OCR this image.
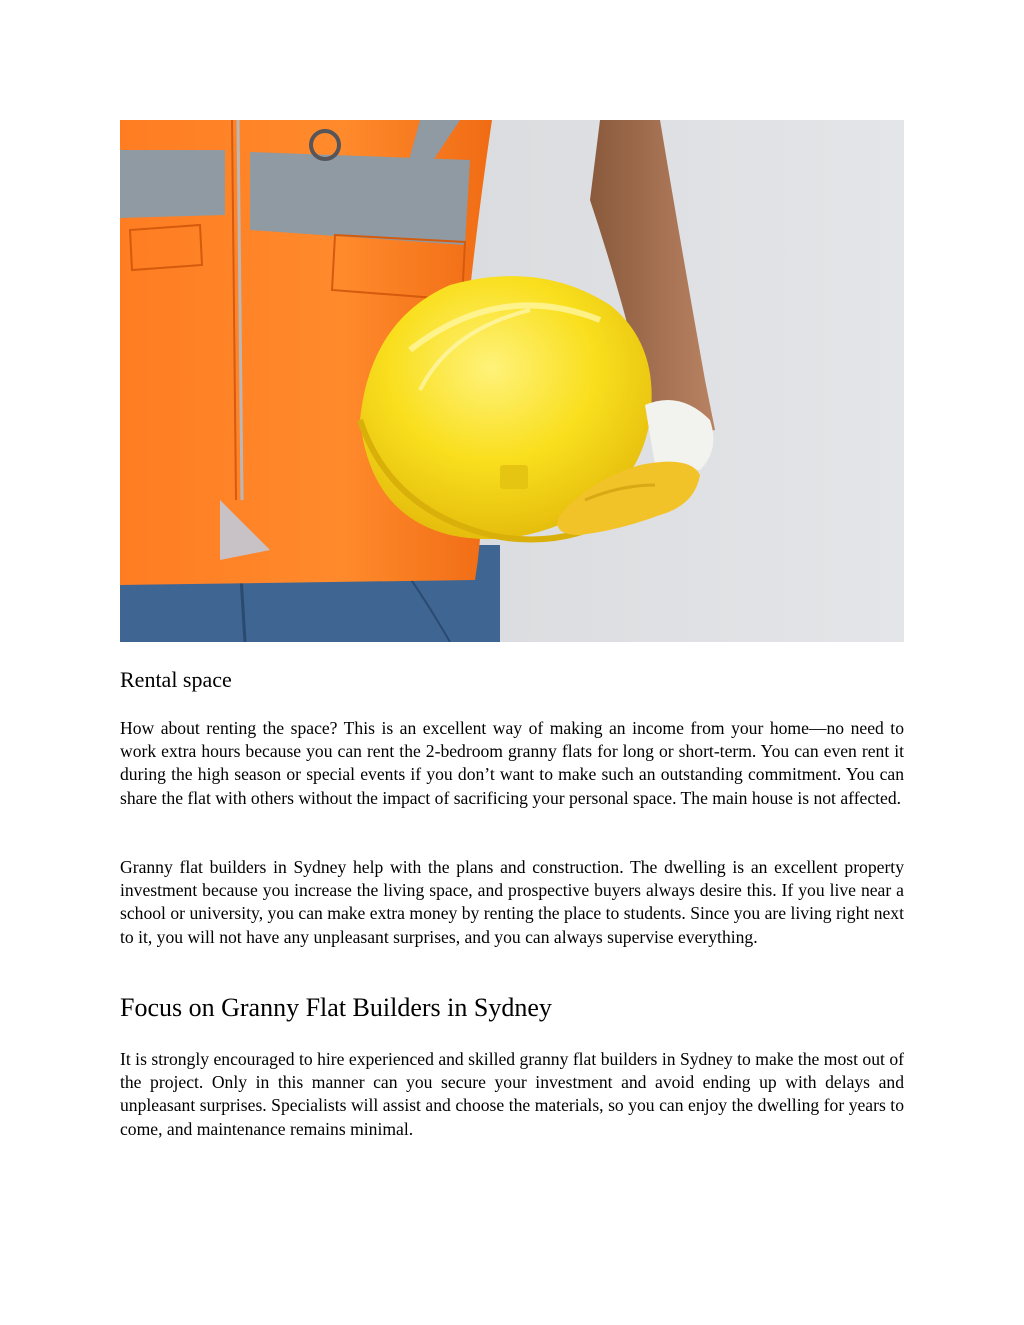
Rental space

How about renting the space? This is an excellent way of making an income from your home—no need to work extra hours because you can rent the 2-bedroom granny flats for long or short-term. You can even rent it during the high season or special events if you don’t want to make such an outstanding commitment. You can share the flat with others without the impact of sacrificing your personal space. The main house is not affected.

Granny flat builders in Sydney help with the plans and construction. The dwelling is an excellent property investment because you increase the living space, and prospective buyers always desire this. If you live near a school or university, you can make extra money by renting the place to students. Since you are living right next to it, you will not have any unpleasant surprises, and you can always supervise everything.

Focus on Granny Flat Builders in Sydney

It is strongly encouraged to hire experienced and skilled granny flat builders in Sydney to make the most out of the project. Only in this manner can you secure your investment and avoid ending up with delays and unpleasant surprises. Specialists will assist and choose the materials, so you can enjoy the dwelling for years to come, and maintenance remains minimal.
